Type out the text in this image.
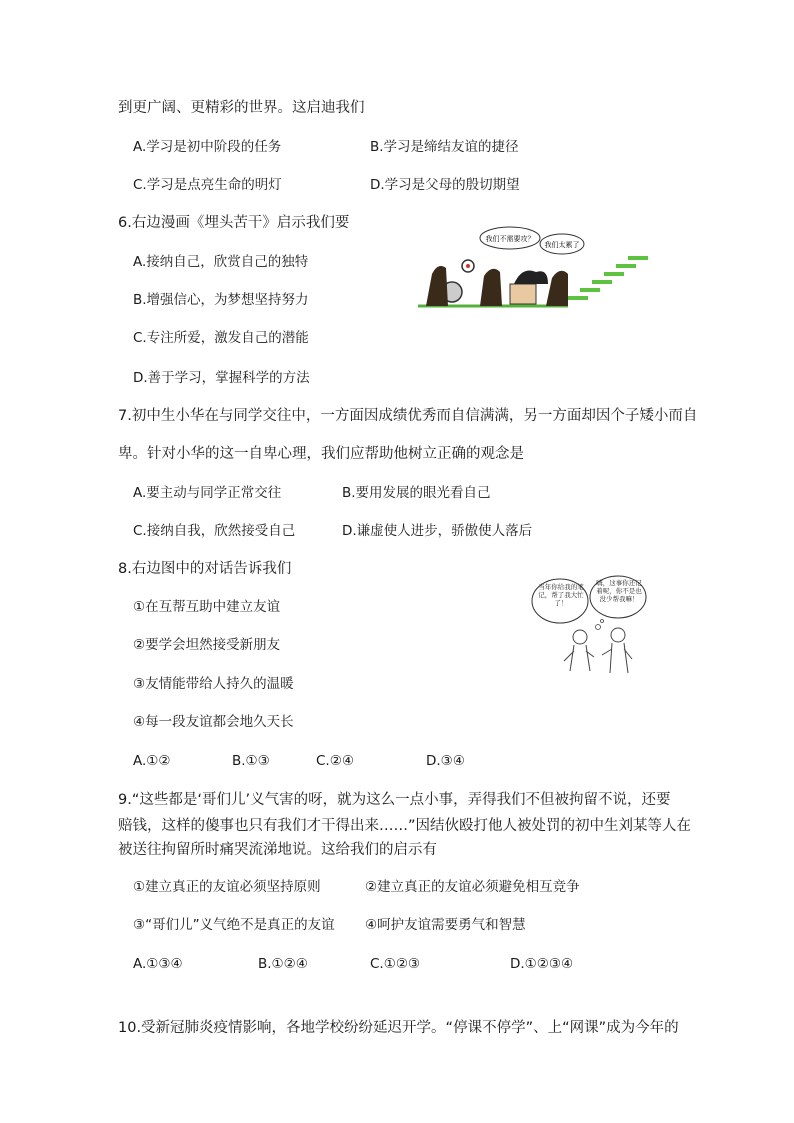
到更广阔、更精彩的世界。这启迪我们
A.学习是初中阶段的任务	B.学习是缔结友谊的捷径
C.学习是点亮生命的明灯	D.学习是父母的殷切期望
6.右边漫画《埋头苦干》启示我们要
A.接纳自己，欣赏自己的独特
B.增强信心，为梦想坚持努力
C.专注所爱，激发自己的潜能
D.善于学习，掌握科学的方法
我们不需要攻？
我们太累了
7.初中生小华在与同学交往中，一方面因成绩优秀而自信满满，另一方面却因个子矮小而自
卑。针对小华的这一自卑心理，我们应帮助他树立正确的观念是
A.要主动与同学正常交往	B.要用发展的眼光看自己
C.接纳自我，欣然接受自己	D.谦虚使人进步，骄傲使人落后
8.右边图中的对话告诉我们
①在互帮互助中建立友谊
②要学会坦然接受新朋友
③友情能带给人持久的温暖
④每一段友谊都会地久天长
A.①②	B.①③	C.②④	D.③④
当年你给我的笔记，帮了我大忙了！
嗨，这事你还记着呢，你不是也没少帮我嘛！
9.“这些都是‘哥们儿’义气害的呀，就为这么一点小事，弄得我们不但被拘留不说，还要
赔钱，这样的傻事也只有我们才干得出来……”因结伙殴打他人被处罚的初中生刘某等人在
被送往拘留所时痛哭流涕地说。这给我们的启示有
①建立真正的友谊必须坚持原则	②建立真正的友谊必须避免相互竞争
③“哥们儿”义气绝不是真正的友谊 ④呵护友谊需要勇气和智慧
A.①③④	B.①②④	C.①②③	D.①②③④
10.受新冠肺炎疫情影响，各地学校纷纷延迟开学。“停课不停学”、上“网课”成为今年的
